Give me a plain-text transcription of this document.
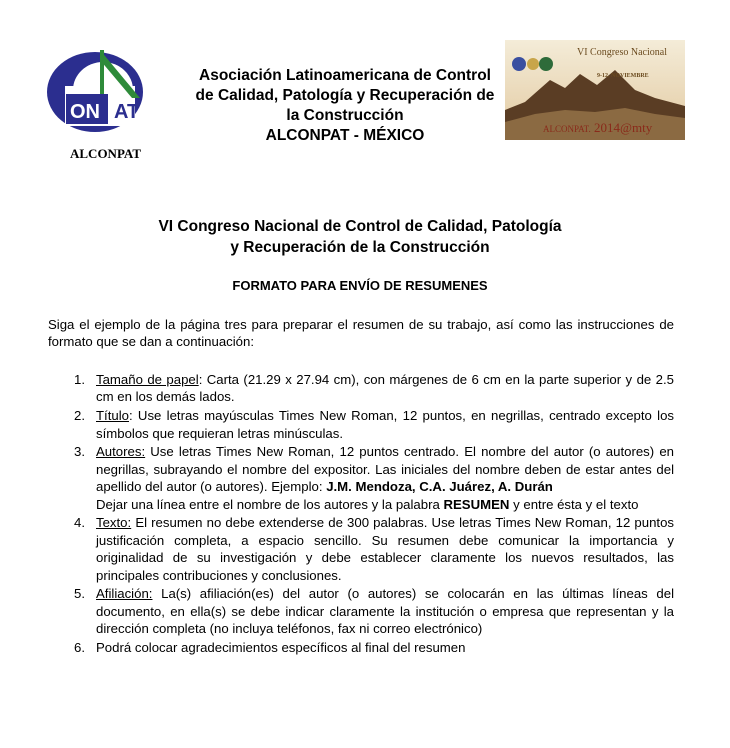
ON AT
ALCONPAT
Asociación Latinoamericana de Control
de Calidad, Patología y Recuperación de
la Construcción
ALCONPAT - MÉXICO
VI Congreso Nacional
9-12, NOVIEMBRE
ALCONPAT. 2014@mty
VI Congreso Nacional de Control de Calidad, Patología
y Recuperación de la Construcción
FORMATO PARA ENVÍO DE RESUMENES
Siga el ejemplo de la página tres para preparar el resumen de su trabajo, así como las instrucciones de formato que se dan a continuación:
1. Tamaño de papel: Carta (21.29 x 27.94 cm), con márgenes de 6 cm en la parte superior y de 2.5 cm en los demás lados.
2. Título: Use letras mayúsculas Times New Roman, 12 puntos, en negrillas, centrado excepto los símbolos que requieran letras minúsculas.
3. Autores: Use letras Times New Roman, 12 puntos centrado. El nombre del autor (o autores) en negrillas, subrayando el nombre del expositor. Las iniciales del nombre deben de estar antes del apellido del autor (o autores). Ejemplo: J.M. Mendoza, C.A. Juárez, A. Durán
Dejar una línea entre el nombre de los autores y la palabra RESUMEN y entre ésta y el texto
4. Texto: El resumen no debe extenderse de 300 palabras. Use letras Times New Roman, 12 puntos justificación completa, a espacio sencillo. Su resumen debe comunicar la importancia y originalidad de su investigación y debe establecer claramente los nuevos resultados, las principales contribuciones y conclusiones.
5. Afiliación: La(s) afiliación(es) del autor (o autores) se colocarán en las últimas líneas del documento, en ella(s) se debe indicar claramente la institución o empresa que representan y la dirección completa (no incluya teléfonos, fax ni correo electrónico)
6. Podrá colocar agradecimientos específicos al final del resumen
